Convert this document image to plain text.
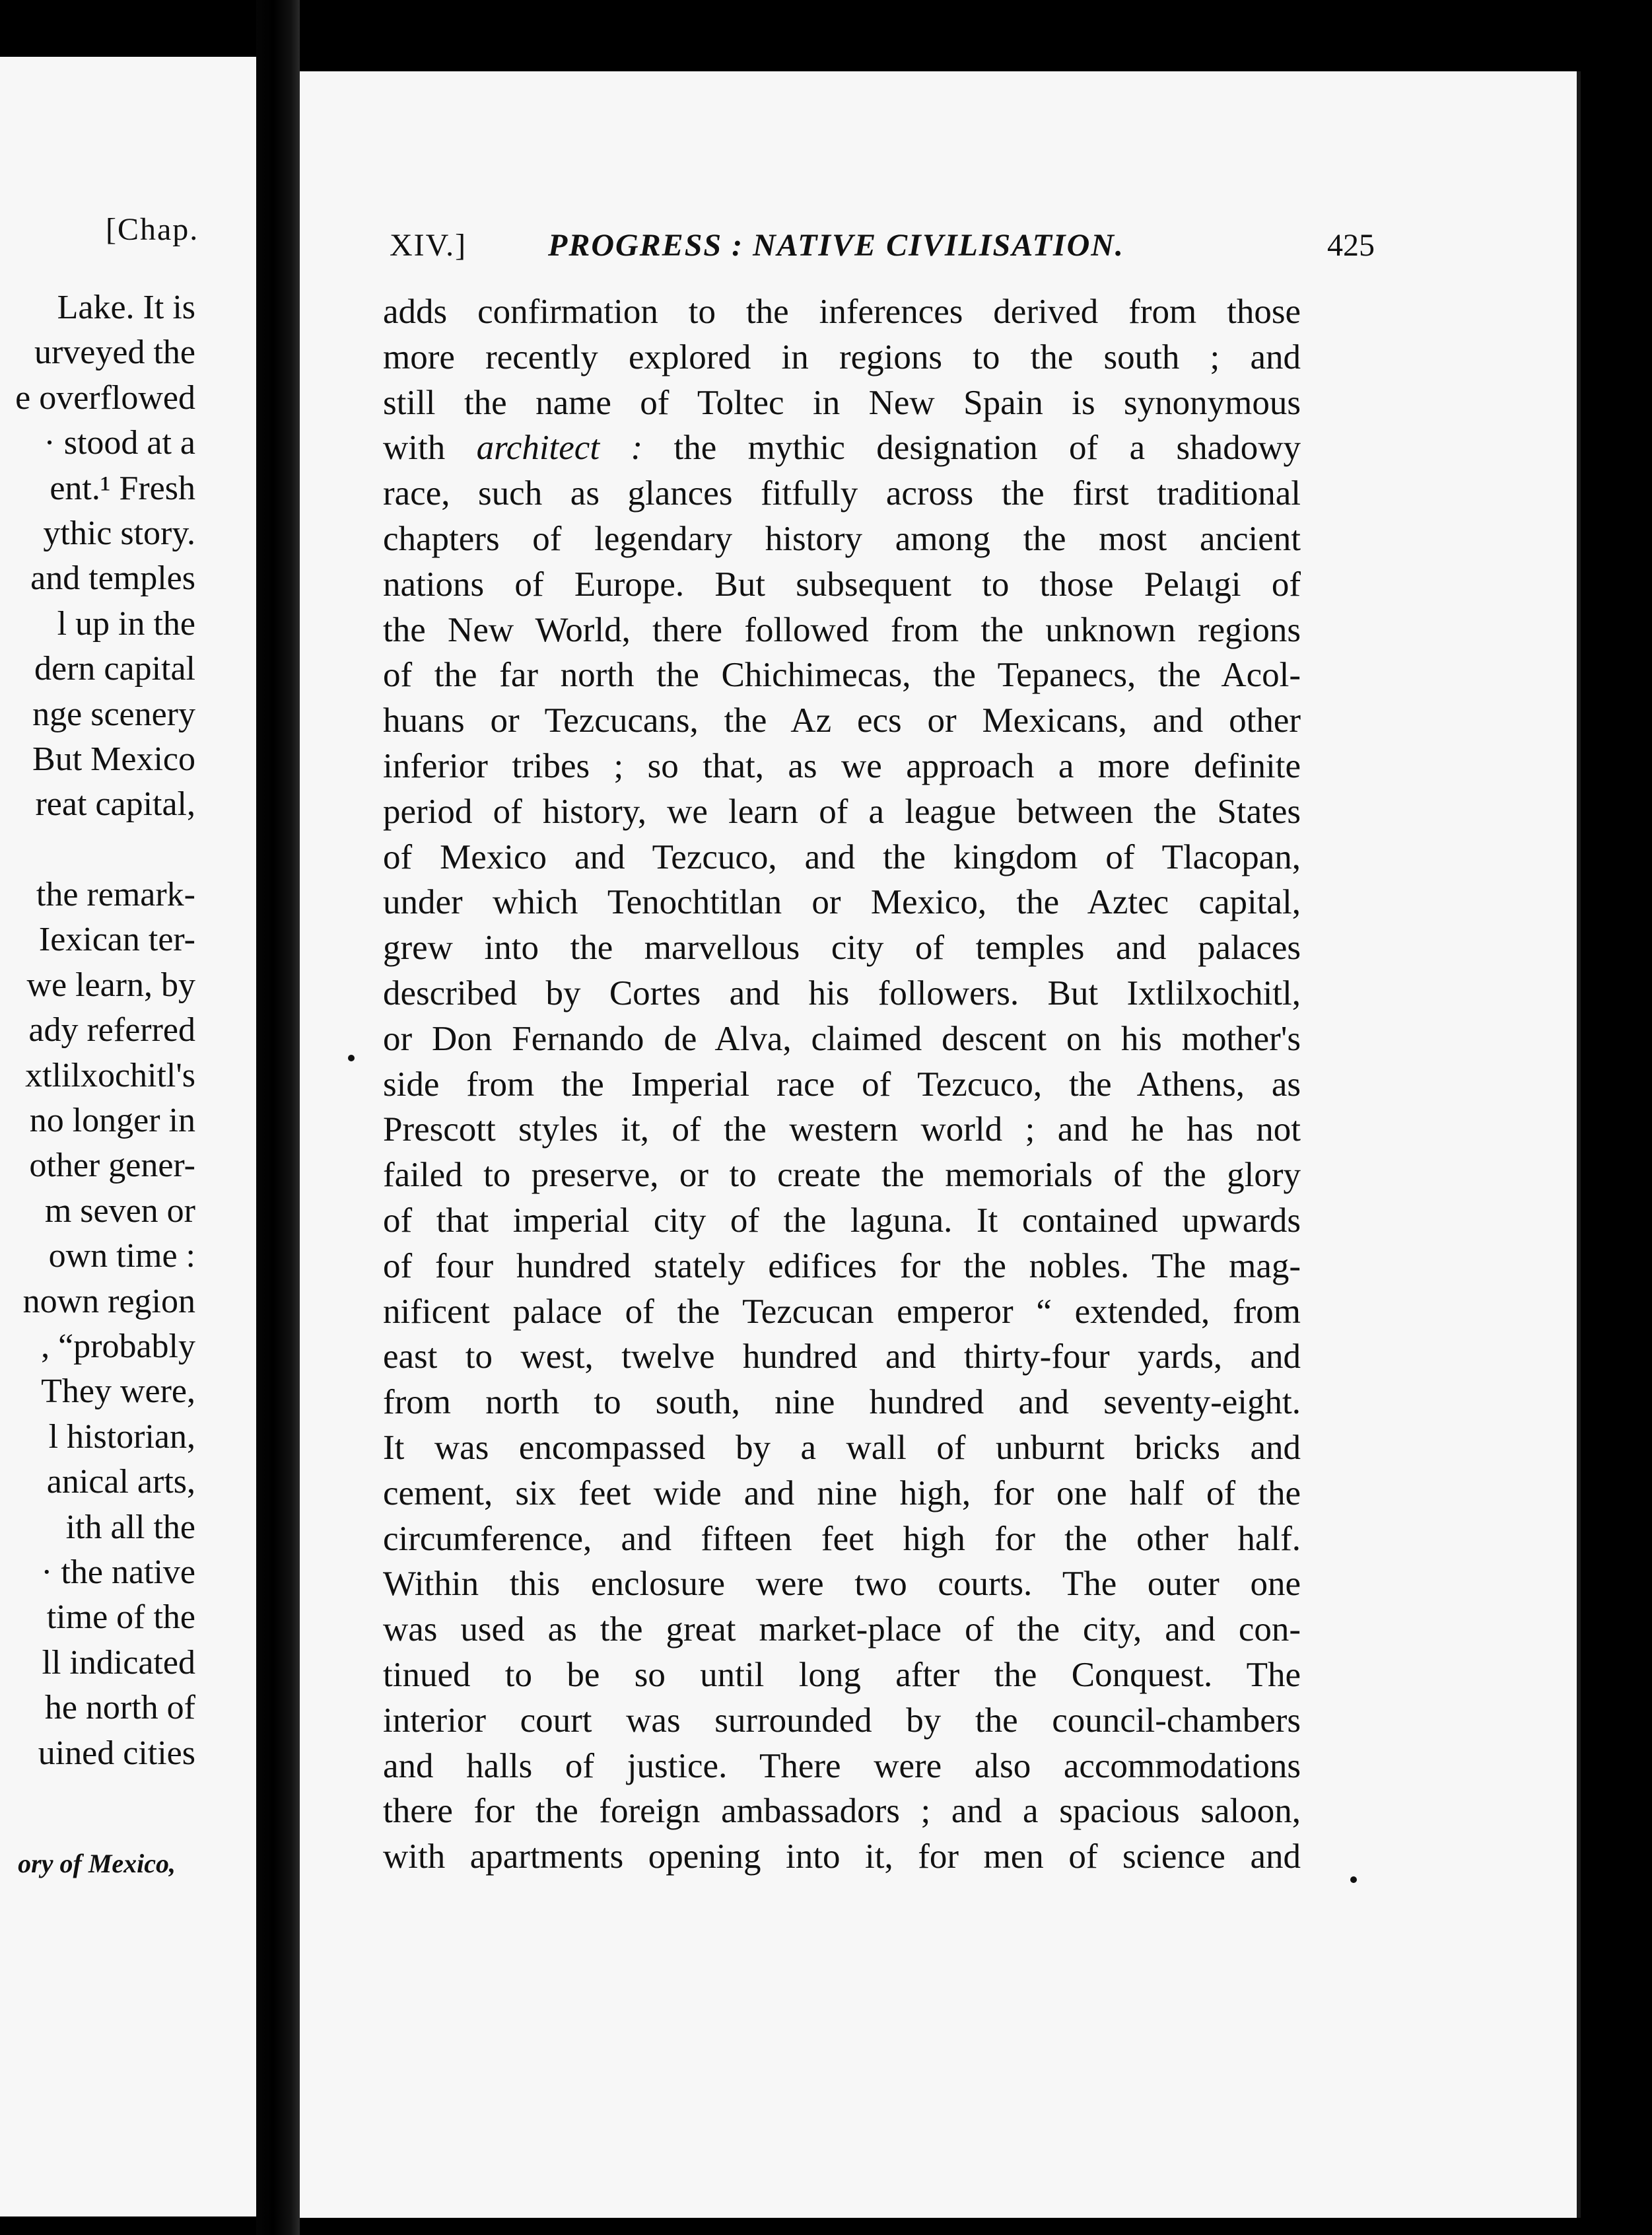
[Chap.
Lake. It is
urveyed the
e overflowed
· stood at a
ent.¹ Fresh
ythic story.
and temples
l up in the
dern capital
nge scenery
But Mexico
reat capital,
the remark-
Iexican ter-
we learn, by
ady referred
xtlilxochitl's
no longer in
other gener-
m seven or
own time :
nown region
, “probably
They were,
l historian,
anical arts,
ith all the
· the native
time of the
ll indicated
he north of
uined cities
ory of Mexico,
XIV.]	PROGRESS : NATIVE CIVILISATION.	425
adds confirmation to the inferences derived from those
more recently explored in regions to the south ; and
still the name of Toltec in New Spain is synonymous
with architect : the mythic designation of a shadowy
race, such as glances fitfully across the first traditional
chapters of legendary history among the most ancient
nations of Europe. But subsequent to those Pelaιgi of
the New World, there followed from the unknown regions
of the far north the Chichimecas, the Tepanecs, the Acol-
huans or Tezcucans, the Az ecs or Mexicans, and other
inferior tribes ; so that, as we approach a more definite
period of history, we learn of a league between the States
of Mexico and Tezcuco, and the kingdom of Tlacopan,
under which Tenochtitlan or Mexico, the Aztec capital,
grew into the marvellous city of temples and palaces
described by Cortes and his followers. But Ixtlilxochitl,
or Don Fernando de Alva, claimed descent on his mother's
side from the Imperial race of Tezcuco, the Athens, as
Prescott styles it, of the western world ; and he has not
failed to preserve, or to create the memorials of the glory
of that imperial city of the laguna. It contained upwards
of four hundred stately edifices for the nobles. The mag-
nificent palace of the Tezcucan emperor “ extended, from
east to west, twelve hundred and thirty-four yards, and
from north to south, nine hundred and seventy-eight.
It was encompassed by a wall of unburnt bricks and
cement, six feet wide and nine high, for one half of the
circumference, and fifteen feet high for the other half.
Within this enclosure were two courts. The outer one
was used as the great market-place of the city, and con-
tinued to be so until long after the Conquest. The
interior court was surrounded by the council-chambers
and halls of justice. There were also accommodations
there for the foreign ambassadors ; and a spacious saloon,
with apartments opening into it, for men of science and
